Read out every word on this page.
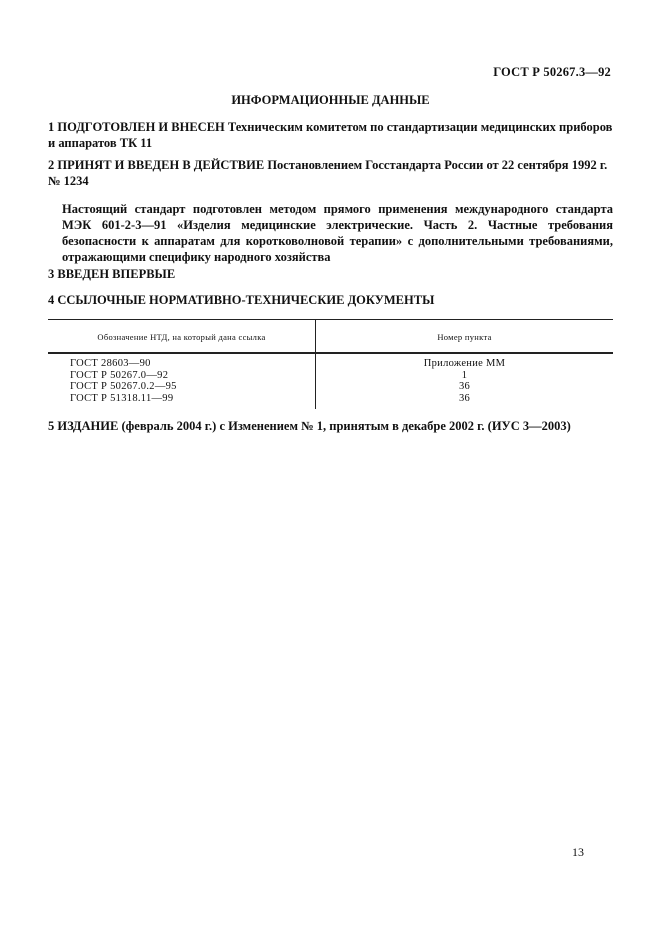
ГОСТ Р 50267.3—92
ИНФОРМАЦИОННЫЕ ДАННЫЕ
1 ПОДГОТОВЛЕН И ВНЕСЕН Техническим комитетом по стандартизации медицинских приборов и аппаратов ТК 11
2 ПРИНЯТ И ВВЕДЕН В ДЕЙСТВИЕ Постановлением Госстандарта России от 22 сентября 1992 г. № 1234
Настоящий стандарт подготовлен методом прямого применения международного стандарта МЭК 601-2-3—91 «Изделия медицинские электрические. Часть 2. Частные требования безопасности к аппаратам для коротковолновой терапии» с дополнительными требованиями, отражающими специфику народного хозяйства
3 ВВЕДЕН ВПЕРВЫЕ
4 ССЫЛОЧНЫЕ НОРМАТИВНО-ТЕХНИЧЕСКИЕ ДОКУМЕНТЫ
Обозначение НТД, на который дана ссылка	Номер пункта
ГОСТ 28603—90
ГОСТ Р 50267.0—92
ГОСТ Р 50267.0.2—95
ГОСТ Р 51318.11—99
Приложение ММ
1
36
36
5 ИЗДАНИЕ (февраль 2004 г.) с Изменением № 1, принятым в декабре 2002 г. (ИУС 3—2003)
13
